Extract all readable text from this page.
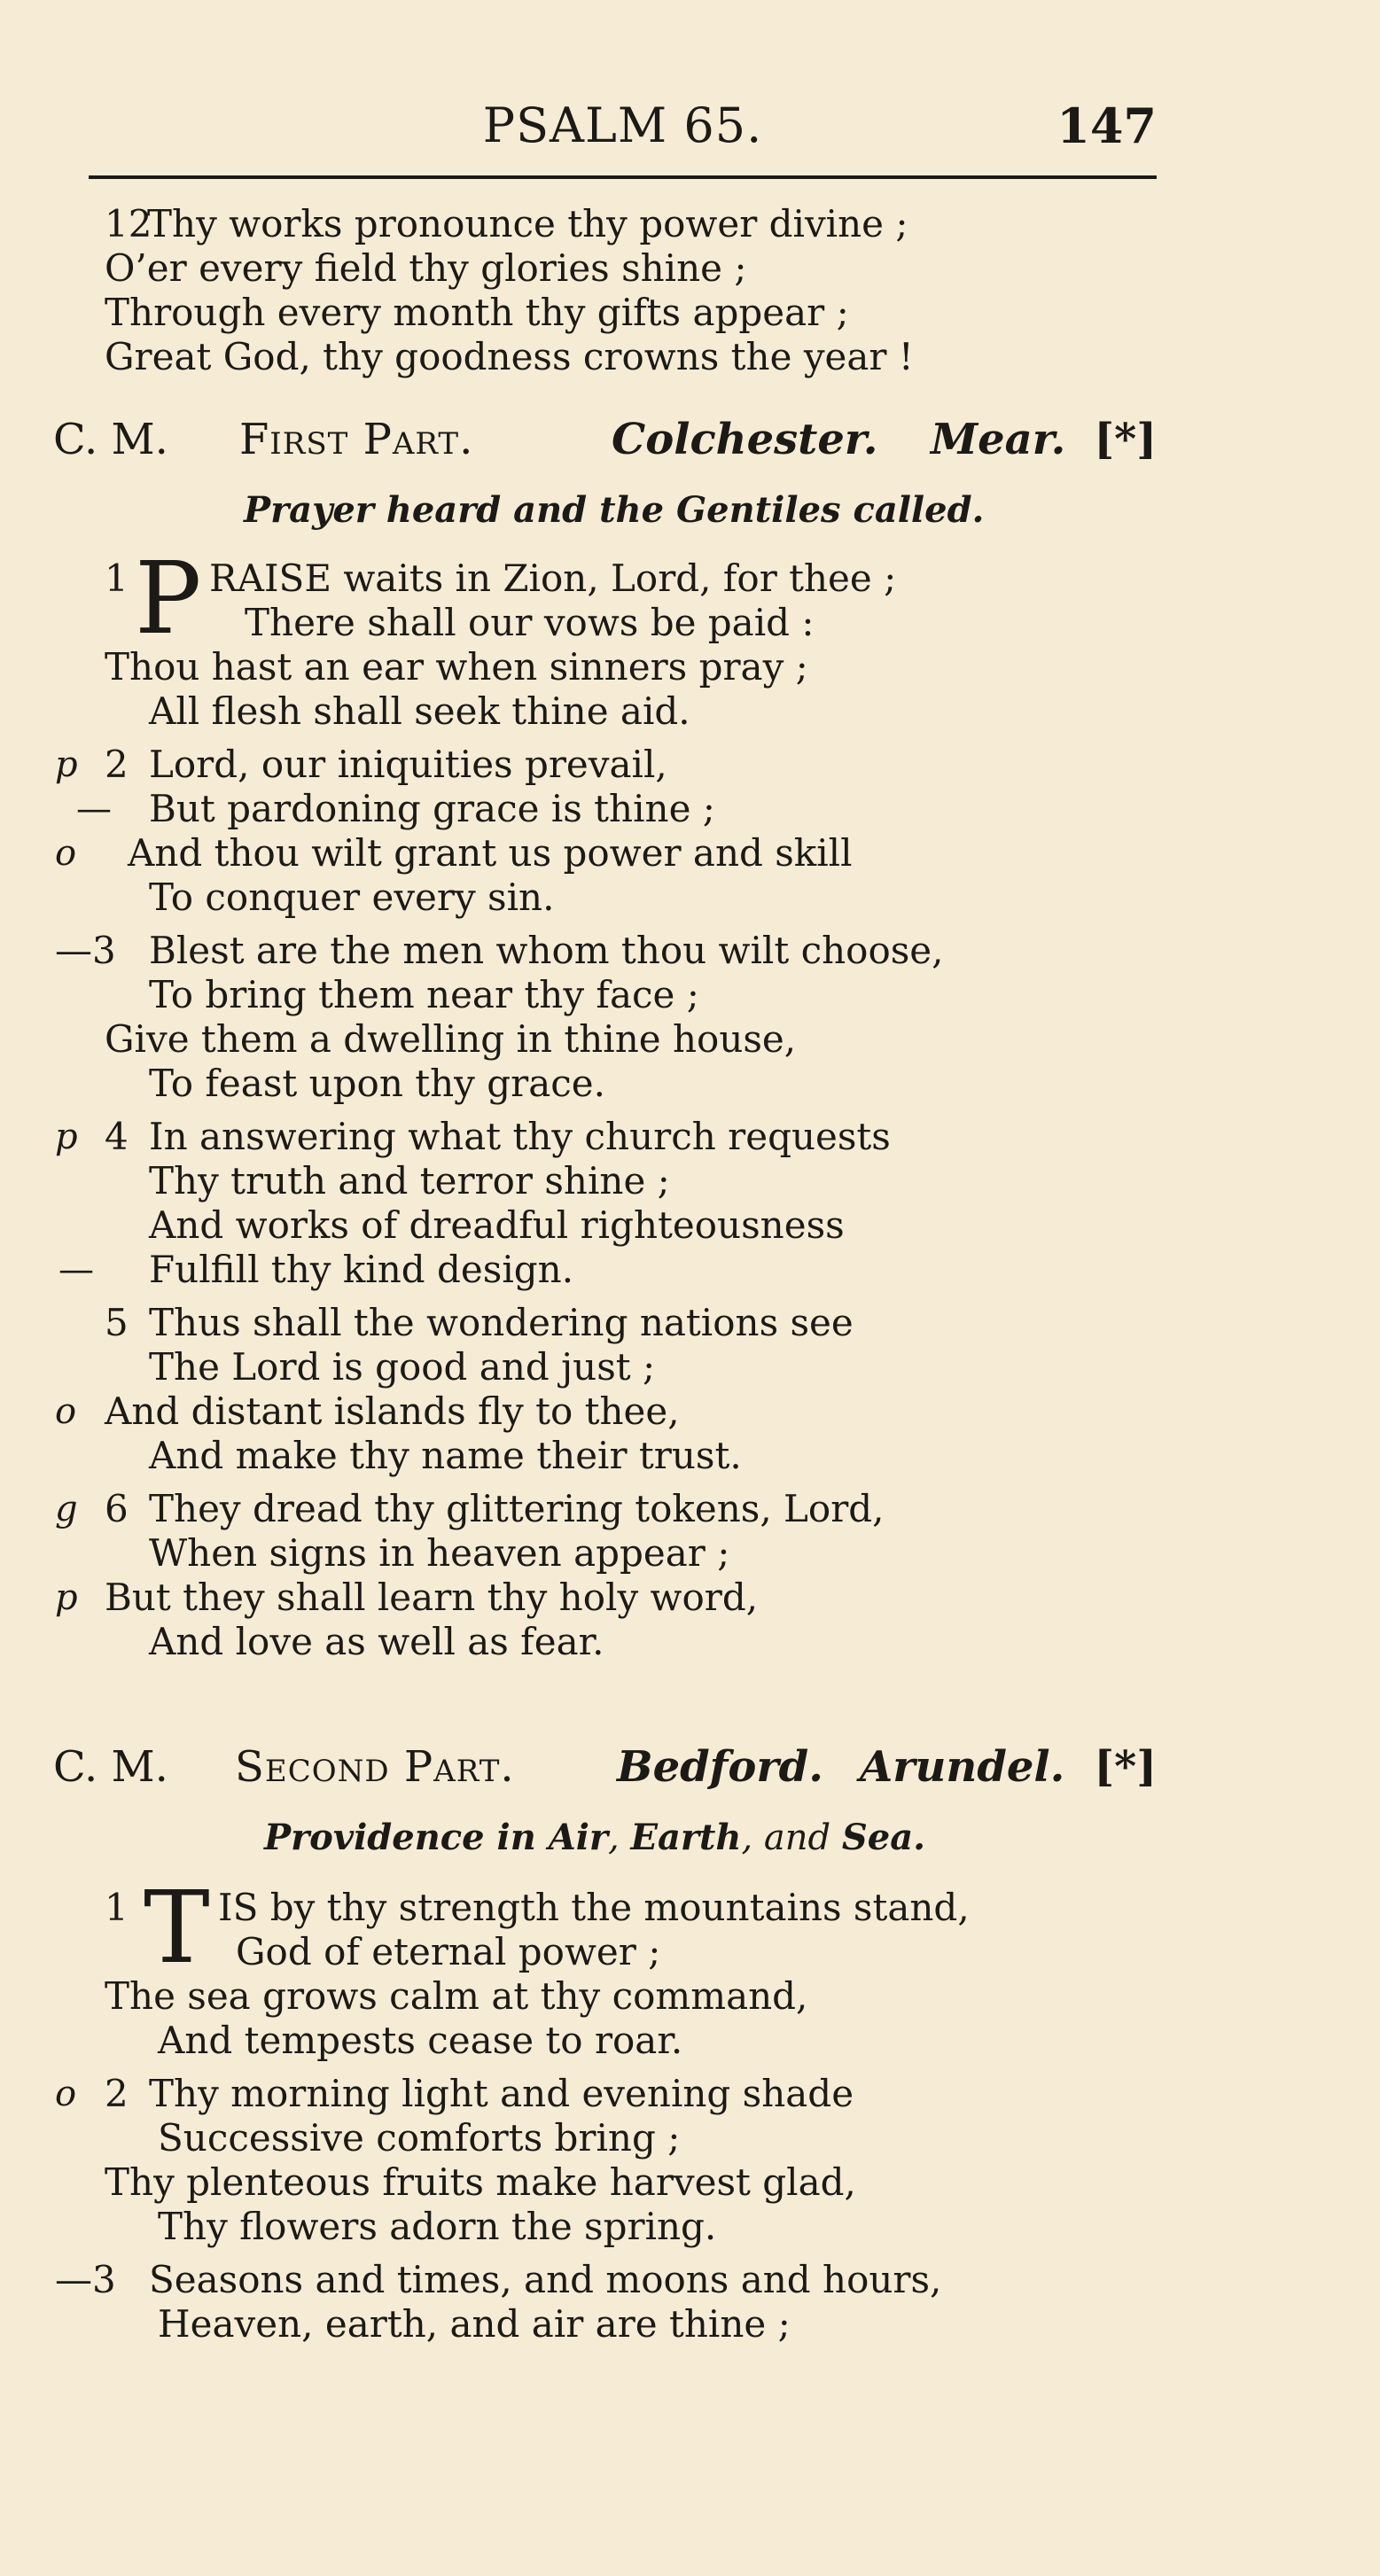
PSALM 65.	147
12
Thy works pronounce thy power divine ;
O’er every field thy glories shine ;
Through every month thy gifts appear ;
Great God, thy goodness crowns the year !
C. M. First Part.	Colchester. Mear. [*]
Prayer heard and the Gentiles called.
1 P RAISE waits in Zion, Lord, for thee ;
There shall our vows be paid :
Thou hast an ear when sinners pray ;
All flesh shall seek thine aid.
p 2 Lord, our iniquities prevail,
— But pardoning grace is thine ;
o And thou wilt grant us power and skill
To conquer every sin.
—3 Blest are the men whom thou wilt choose,
To bring them near thy face ;
Give them a dwelling in thine house,
To feast upon thy grace.
p 4 In answering what thy church requests
Thy truth and terror shine ;
And works of dreadful righteousness
— Fulfill thy kind design.
5 Thus shall the wondering nations see
The Lord is good and just ;
o And distant islands fly to thee,
And make thy name their trust.
g 6 They dread thy glittering tokens, Lord,
When signs in heaven appear ;
p But they shall learn thy holy word,
And love as well as fear.
C. M. Second Part. Bedford. Arundel. [*]
Providence in Air, Earth, and Sea.
1 T IS by thy strength the mountains stand,
God of eternal power ;
The sea grows calm at thy command,
And tempests cease to roar.
o 2 Thy morning light and evening shade
Successive comforts bring ;
Thy plenteous fruits make harvest glad,
Thy flowers adorn the spring.
—3 Seasons and times, and moons and hours,
Heaven, earth, and air are thine ;
